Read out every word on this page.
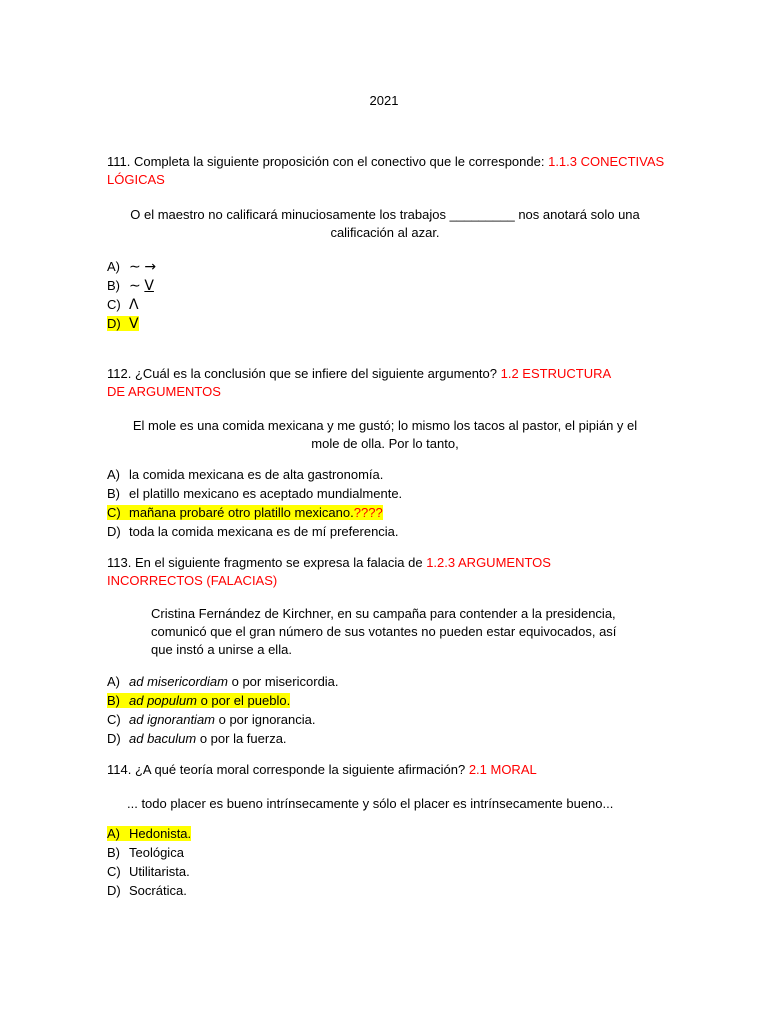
2021
111. Completa la siguiente proposición con el conectivo que le corresponde: 1.1.3 CONECTIVAS LÓGICAS
O el maestro no calificará minuciosamente los trabajos _________ nos anotará solo una
calificación al azar.
A) ∼ →
B) ∼ V
C) Λ
D) V
112. ¿Cuál es la conclusión que se infiere del siguiente argumento? 1.2 ESTRUCTURA
DE ARGUMENTOS
El mole es una comida mexicana y me gustó; lo mismo los tacos al pastor, el pipián y el
mole de olla. Por lo tanto,
A) la comida mexicana es de alta gastronomía.
B) el platillo mexicano es aceptado mundialmente.
C) mañana probaré otro platillo mexicano.????
D) toda la comida mexicana es de mí preferencia.
113. En el siguiente fragmento se expresa la falacia de 1.2.3 ARGUMENTOS
INCORRECTOS (FALACIAS)
Cristina Fernández de Kirchner, en su campaña para contender a la presidencia,
comunicó que el gran número de sus votantes no pueden estar equivocados, así
que instó a unirse a ella.
A) ad misericordiam o por misericordia.
B) ad populum o por el pueblo.
C) ad ignorantiam o por ignorancia.
D) ad baculum o por la fuerza.
114. ¿A qué teoría moral corresponde la siguiente afirmación? 2.1 MORAL
... todo placer es bueno intrínsecamente y sólo el placer es intrínsecamente bueno...
A) Hedonista.
B) Teológica
C) Utilitarista.
D) Socrática.
